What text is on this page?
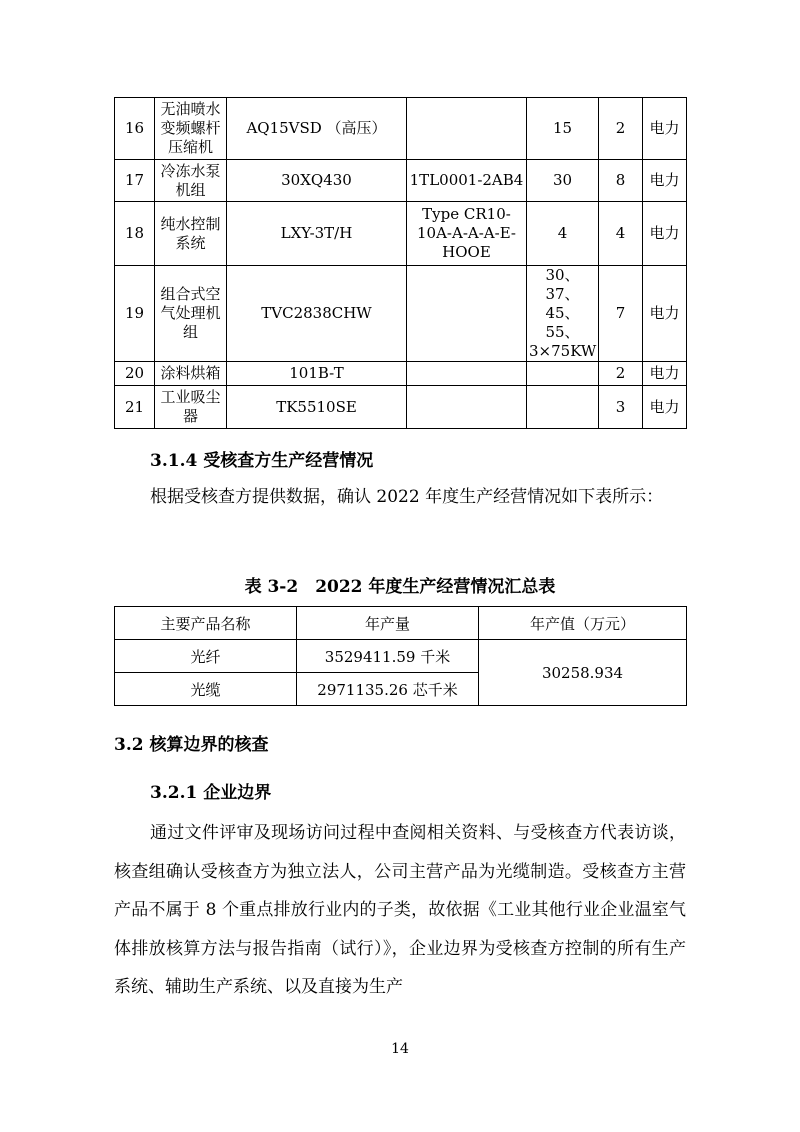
16	无油喷水变频螺杆压缩机	AQ15VSD （高压）		15	2	电力
17	冷冻水泵机组	30XQ430	1TL0001-2AB4	30	8	电力
18	纯水控制系统	LXY-3T/H	Type CR10-10A-A-A-A-E-HOOE	4	4	电力
19	组合式空气处理机组	TVC2838CHW		30、37、45、55、3×75KW	7	电力
20	涂料烘箱	101B-T			2	电力
21	工业吸尘器	TK5510SE			3	电力
3.1.4 受核查方生产经营情况
根据受核查方提供数据，确认 2022 年度生产经营情况如下表所示：
表 3-2　2022 年度生产经营情况汇总表
主要产品名称	年产量	年产值（万元）
光纤	3529411.59 千米	30258.934
光缆	2971135.26 芯千米	
3.2 核算边界的核查
3.2.1 企业边界
通过文件评审及现场访问过程中查阅相关资料、与受核查方代表访谈，核查组确认受核查方为独立法人，公司主营产品为光缆制造。受核查方主营产品不属于 8 个重点排放行业内的子类，故依据《工业其他行业企业温室气体排放核算方法与报告指南（试行）》，企业边界为受核查方控制的所有生产系统、辅助生产系统、以及直接为生产
14
